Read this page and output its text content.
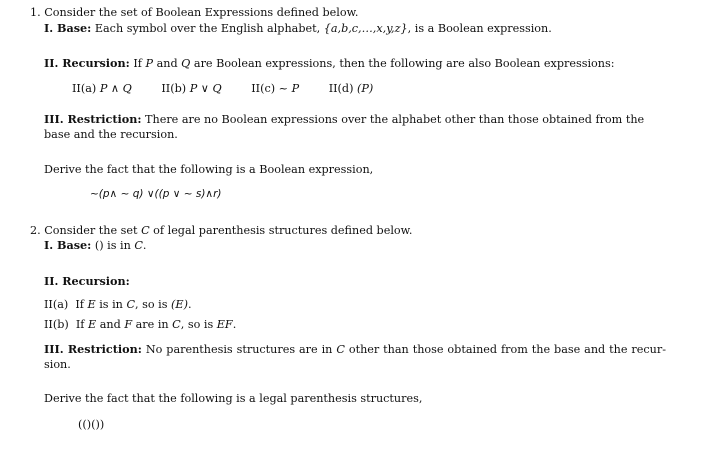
1. Consider the set of Boolean Expressions defined below.
I. Base: Each symbol over the English alphabet, {a,b,c,…,x,y,z}, is a Boolean expression.
II. Recursion: If P and Q are Boolean expressions, then the following are also Boolean expressions:
II(a) P ∧ Q	II(b) P ∨ Q	II(c) ~ P	II(d) (P)
III. Restriction: There are no Boolean expressions over the alphabet other than those obtained from the base and the recursion.
Derive the fact that the following is a Boolean expression,
~(p∧ ~ q) ∨((p ∨ ~ s)∧r)
2. Consider the set C of legal parenthesis structures defined below.
I. Base: () is in C.
II. Recursion:
II(a) If E is in C, so is (E).
II(b) If E and F are in C, so is EF.
III. Restriction: No parenthesis structures are in C other than those obtained from the base and the recur- sion.
Derive the fact that the following is a legal parenthesis structures,
(()())
